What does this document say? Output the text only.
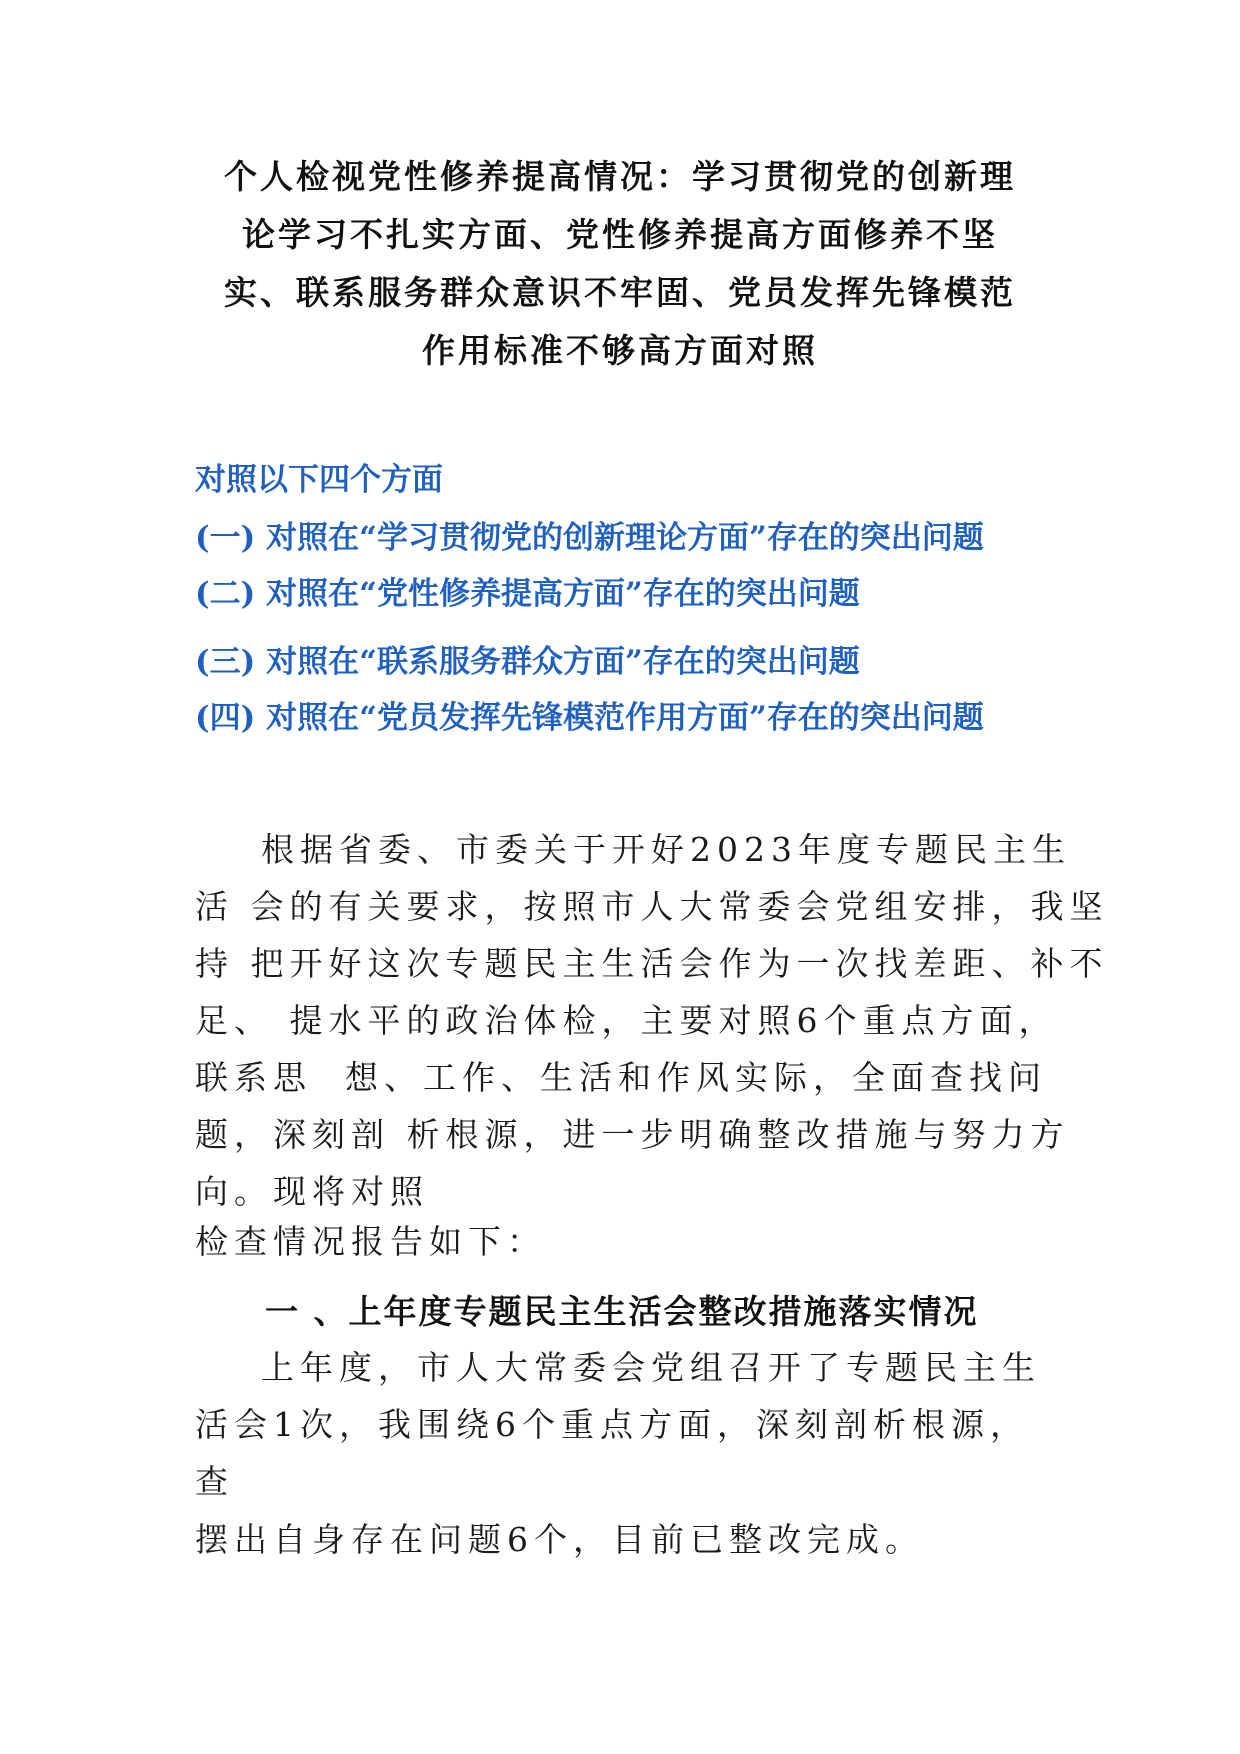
个人检视党性修养提高情况：学习贯彻党的创新理
论学习不扎实方面、党性修养提高方面修养不坚
实、联系服务群众意识不牢固、党员发挥先锋模范
作用标准不够高方面对照
对照以下四个方面
(一) 对照在“学习贯彻党的创新理论方面”存在的突出问题
(二) 对照在“党性修养提高方面”存在的突出问题
(三) 对照在“联系服务群众方面”存在的突出问题
(四) 对照在“党员发挥先锋模范作用方面”存在的突出问题
根据省委、市委关于开好2023年度专题民主生
活 会的有关要求，按照市人大常委会党组安排，我坚
持 把开好这次专题民主生活会作为一次找差距、补不
足、 提水平的政治体检，主要对照6个重点方面，
联系思  想、工作、生活和作风实际，全面查找问
题，深刻剖 析根源，进一步明确整改措施与努力方
向。现将对照
检查情况报告如下：
一 、上年度专题民主生活会整改措施落实情况
上年度，市人大常委会党组召开了专题民主生
活会1次，我围绕6个重点方面，深刻剖析根源，
查
摆出自身存在问题6个，目前已整改完成。
